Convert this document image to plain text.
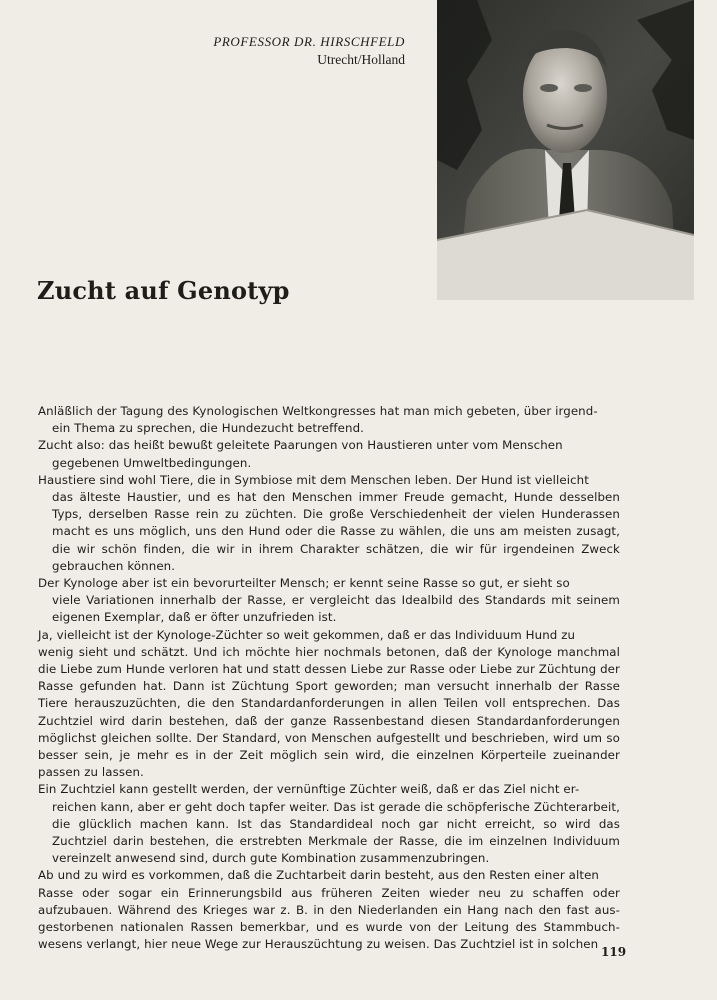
PROFESSOR DR. HIRSCHFELD
Utrecht/Holland
Zucht auf Genotyp

Anläßlich der Tagung des Kynologischen Weltkongresses hat man mich gebeten, über irgend-

ein Thema zu sprechen, die Hundezucht betreffend.

Zucht also: das heißt bewußt geleitete Paarungen von Haustieren unter vom Menschen

gegebenen Umweltbedingungen.

Haustiere sind wohl Tiere, die in Symbiose mit dem Menschen leben. Der Hund ist vielleicht

das älteste Haustier, und es hat den Menschen immer Freude gemacht, Hunde desselben Typs, derselben Rasse rein zu züchten. Die große Verschiedenheit der vielen Hunderassen macht es uns möglich, uns den Hund oder die Rasse zu wählen, die uns am meisten zusagt, die wir schön finden, die wir in ihrem Charakter schätzen, die wir für irgendeinen Zweck gebrauchen können.

Der Kynologe aber ist ein bevorurteilter Mensch; er kennt seine Rasse so gut, er sieht so

viele Variationen innerhalb der Rasse, er vergleicht das Idealbild des Standards mit seinem eigenen Exemplar, daß er öfter unzufrieden ist.

Ja, vielleicht ist der Kynologe-Züchter so weit gekommen, daß er das Individuum Hund zu

wenig sieht und schätzt. Und ich möchte hier nochmals betonen, daß der Kynologe manchmal die Liebe zum Hunde verloren hat und statt dessen Liebe zur Rasse oder Liebe zur Züchtung der Rasse gefunden hat. Dann ist Züchtung Sport geworden; man versucht innerhalb der Rasse Tiere herauszuzüchten, die den Standardanforderungen in allen Teilen voll entsprechen. Das Zuchtziel wird darin bestehen, daß der ganze Rassenbestand diesen Standardanforderungen möglichst gleichen sollte. Der Standard, von Menschen aufgestellt und beschrieben, wird um so besser sein, je mehr es in der Zeit möglich sein wird, die einzelnen Körperteile zueinander passen zu lassen.

Ein Zuchtziel kann gestellt werden, der vernünftige Züchter weiß, daß er das Ziel nicht er-

reichen kann, aber er geht doch tapfer weiter. Das ist gerade die schöpferische Züchterarbeit, die glücklich machen kann. Ist das Standardideal noch gar nicht erreicht, so wird das Zuchtziel darin bestehen, die erstrebten Merkmale der Rasse, die im einzelnen Individuum vereinzelt anwesend sind, durch gute Kombination zusammenzubringen.

Ab und zu wird es vorkommen, daß die Zuchtarbeit darin besteht, aus den Resten einer alten

Rasse oder sogar ein Erinnerungsbild aus früheren Zeiten wieder neu zu schaffen oder aufzubauen. Während des Krieges war z. B. in den Niederlanden ein Hang nach den fast aus-gestorbenen nationalen Rassen bemerkbar, und es wurde von der Leitung des Stammbuch-wesens verlangt, hier neue Wege zur Herauszüchtung zu weisen. Das Zuchtziel ist in solchen

119
